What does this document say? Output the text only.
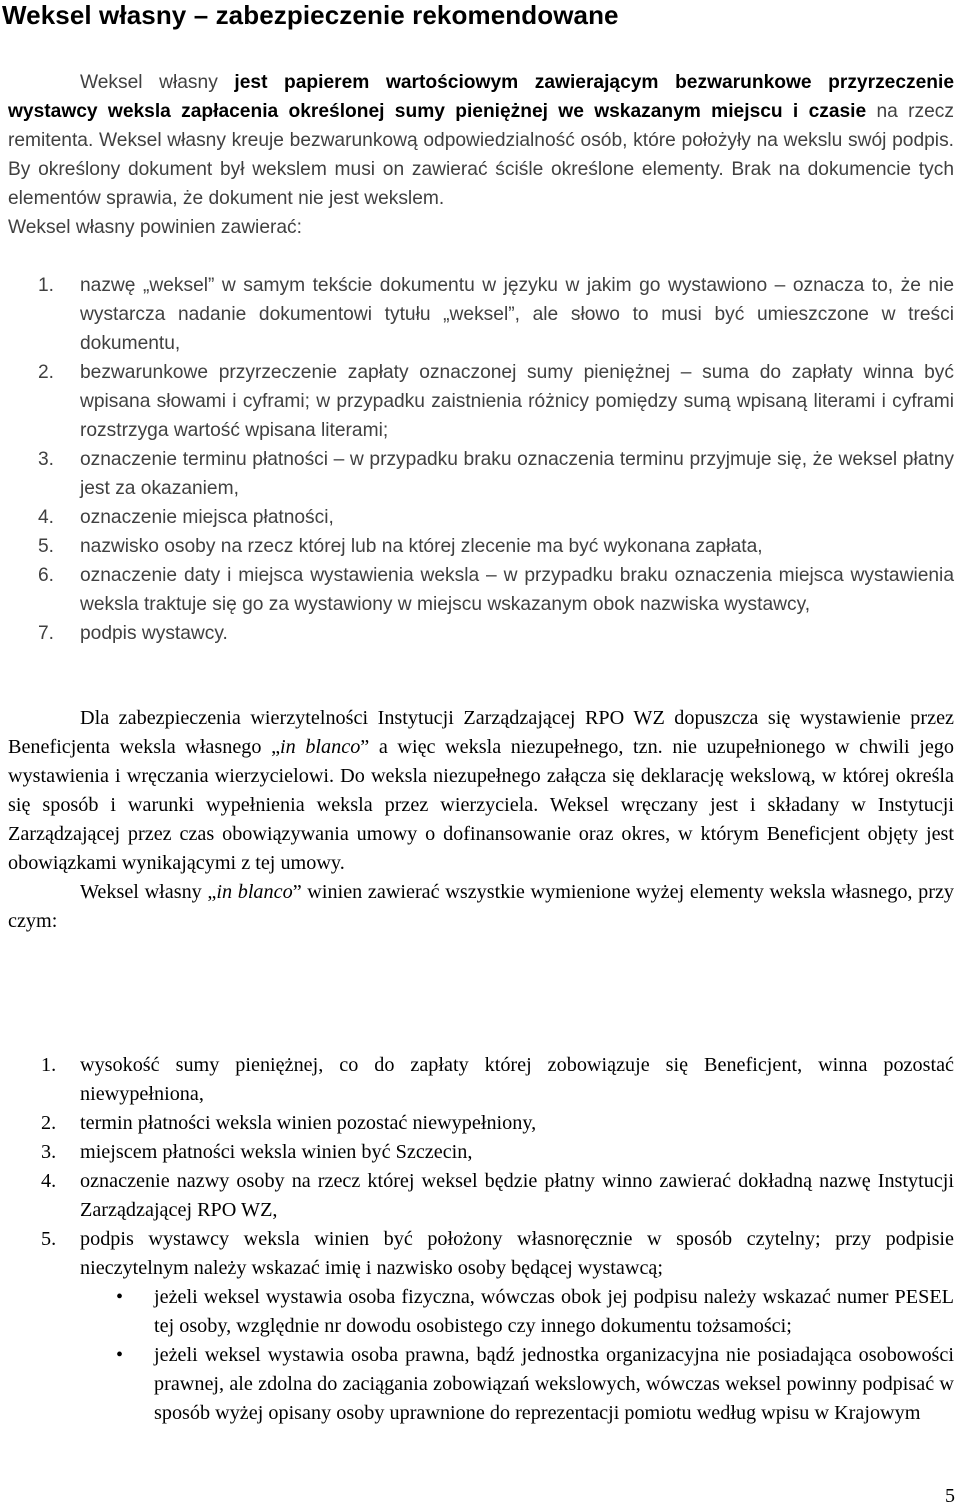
Weksel własny – zabezpieczenie rekomendowane

Weksel własny jest papierem wartościowym zawierającym bezwarunkowe przyrzeczenie wystawcy weksla zapłacenia określonej sumy pieniężnej we wskazanym miejscu i czasie na rzecz remitenta. Weksel własny kreuje bezwarunkową odpowiedzialność osób, które położyły na wekslu swój podpis. By określony dokument był wekslem musi on zawierać ściśle określone elementy. Brak na dokumencie tych elementów sprawia, że dokument nie jest wekslem.
Weksel własny powinien zawierać:

1. nazwę „weksel” w samym tekście dokumentu w języku w jakim go wystawiono – oznacza to, że nie wystarcza nadanie dokumentowi tytułu „weksel”, ale słowo to musi być umieszczone w treści dokumentu,
2. bezwarunkowe przyrzeczenie zapłaty oznaczonej sumy pieniężnej – suma do zapłaty winna być wpisana słowami i cyframi; w przypadku zaistnienia różnicy pomiędzy sumą wpisaną literami i cyframi rozstrzyga wartość wpisana literami;
3. oznaczenie terminu płatności – w przypadku braku oznaczenia terminu przyjmuje się, że weksel płatny jest za okazaniem,
4. oznaczenie miejsca płatności,
5. nazwisko osoby na rzecz której lub na której zlecenie ma być wykonana zapłata,
6. oznaczenie daty i miejsca wystawienia weksla – w przypadku braku oznaczenia miejsca wystawienia weksla traktuje się go za wystawiony w miejscu wskazanym obok nazwiska wystawcy,
7. podpis wystawcy.

Dla zabezpieczenia wierzytelności Instytucji Zarządzającej RPO WZ dopuszcza się wystawienie przez Beneficjenta weksla własnego „in blanco” a więc weksla niezupełnego, tzn. nie uzupełnionego w chwili jego wystawienia i wręczania wierzycielowi. Do weksla niezupełnego załącza się deklarację wekslową, w której określa się sposób i warunki wypełnienia weksla przez wierzyciela. Weksel wręczany jest i składany w Instytucji Zarządzającej przez czas obowiązywania umowy o dofinansowanie oraz okres, w którym Beneficjent objęty jest obowiązkami wynikającymi z tej umowy.

Weksel własny „in blanco” winien zawierać wszystkie wymienione wyżej elementy weksla własnego, przy czym:

1. wysokość sumy pieniężnej, co do zapłaty której zobowiązuje się Beneficjent, winna pozostać niewypełniona,
2. termin płatności weksla winien pozostać niewypełniony,
3. miejscem płatności weksla winien być Szczecin,
4. oznaczenie nazwy osoby na rzecz której weksel będzie płatny winno zawierać dokładną nazwę Instytucji Zarządzającej RPO WZ,
5. podpis wystawcy weksla winien być położony własnoręcznie w sposób czytelny; przy podpisie nieczytelnym należy wskazać imię i nazwisko osoby będącej wystawcą;
• jeżeli weksel wystawia osoba fizyczna, wówczas obok jej podpisu należy wskazać numer PESEL tej osoby, względnie nr dowodu osobistego czy innego dokumentu tożsamości;
• jeżeli weksel wystawia osoba prawna, bądź jednostka organizacyjna nie posiadająca osobowości prawnej, ale zdolna do zaciągania zobowiązań wekslowych, wówczas weksel powinny podpisać w sposób wyżej opisany osoby uprawnione do reprezentacji pomiotu według wpisu w Krajowym
5
